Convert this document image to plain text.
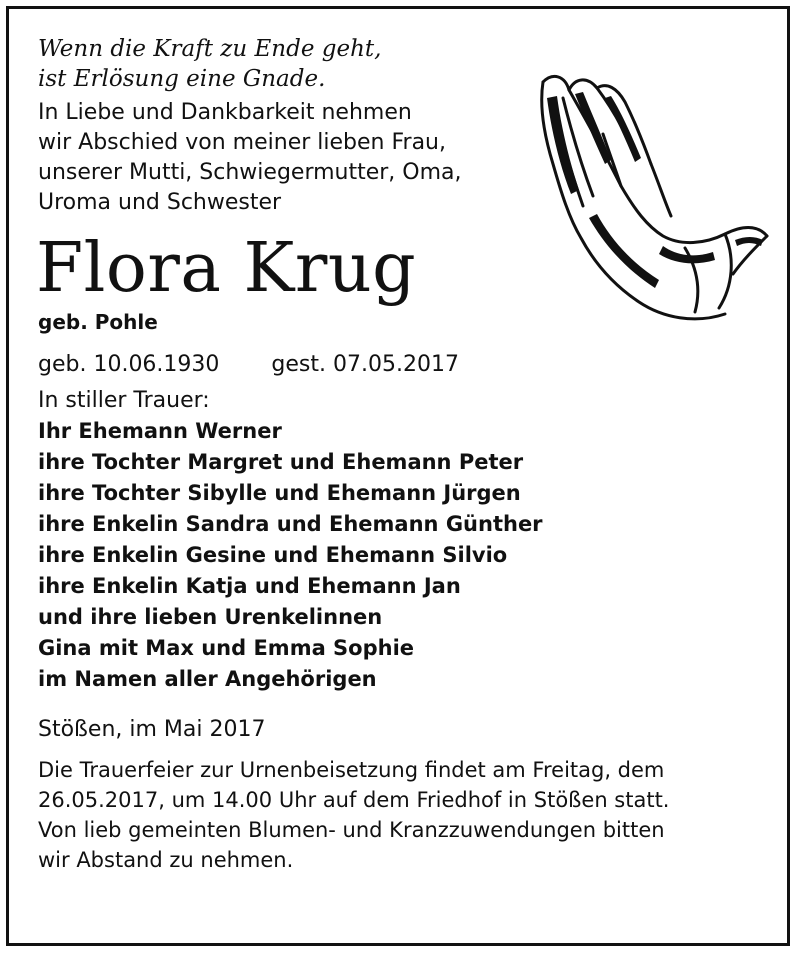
Wenn die Kraft zu Ende geht,
ist Erlösung eine Gnade.
In Liebe und Dankbarkeit nehmen
wir Abschied von meiner lieben Frau,
unserer Mutti, Schwiegermutter, Oma,
Uroma und Schwester
Flora Krug
geb. Pohle
geb. 10.06.1930 gest. 07.05.2017
In stiller Trauer:
Ihr Ehemann Werner
ihre Tochter Margret und Ehemann Peter
ihre Tochter Sibylle und Ehemann Jürgen
ihre Enkelin Sandra und Ehemann Günther
ihre Enkelin Gesine und Ehemann Silvio
ihre Enkelin Katja und Ehemann Jan
und ihre lieben Urenkelinnen
Gina mit Max und Emma Sophie
im Namen aller Angehörigen
Stößen, im Mai 2017
Die Trauerfeier zur Urnenbeisetzung findet am Freitag, dem
26.05.2017, um 14.00 Uhr auf dem Friedhof in Stößen statt.
Von lieb gemeinten Blumen- und Kranzzuwendungen bitten
wir Abstand zu nehmen.
